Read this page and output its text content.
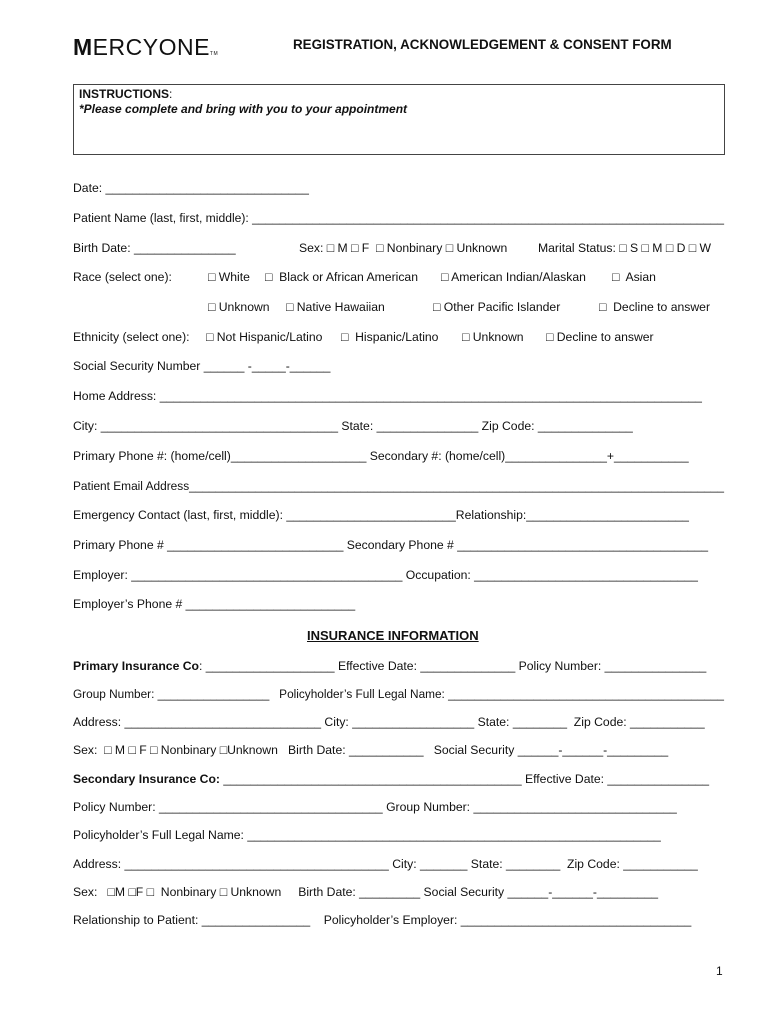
MERCYONETM
REGISTRATION, ACKNOWLEDGEMENT & CONSENT FORM
INSTRUCTIONS:
*Please complete and bring with you to your appointment
Date: ______________________________
Patient Name (last, first, middle): ______________________________________________________________________
Birth Date: _______________	Sex: □ M □ F  □ Nonbinary □ Unknown	Marital Status: □ S □ M □ D □ W
Race (select one):	□ White □  Black or African American □ American Indian/Alaskan □  Asian
□ Unknown □ Native Hawaiian	□ Other Pacific Islander	□  Decline to answer
Ethnicity (select one): □ Not Hispanic/Latino □  Hispanic/Latino □ Unknown □ Decline to answer
Social Security Number ______ -_____-______
Home Address: ________________________________________________________________________________
City: ___________________________________ State: _______________ Zip Code: ______________
Primary Phone #: (home/cell)____________________ Secondary #: (home/cell)_______________+___________
Patient Email Address_________________________________________________________________________________
Emergency Contact (last, first, middle): _________________________Relationship:________________________
Primary Phone # __________________________ Secondary Phone # _____________________________________
Employer: ________________________________________ Occupation: _________________________________
Employer’s Phone # _________________________
INSURANCE INFORMATION
Primary Insurance Co: ___________________ Effective Date: ______________ Policy Number: _______________
Group Number: _________________   Policyholder’s Full Legal Name: __________________________________________
Address: _____________________________ City: __________________ State: ________  Zip Code: ___________
Sex:  □ M □ F □ Nonbinary □Unknown   Birth Date: ___________   Social Security ______-______-_________
Secondary Insurance Co: ____________________________________________ Effective Date: _______________
Policy Number: _________________________________ Group Number: ______________________________
Policyholder’s Full Legal Name: _____________________________________________________________
Address: _______________________________________ City: _______ State: ________  Zip Code: ___________
Sex:   □M □F □  Nonbinary □ Unknown     Birth Date: _________ Social Security ______-______-_________
Relationship to Patient: ________________    Policyholder’s Employer: __________________________________
1
